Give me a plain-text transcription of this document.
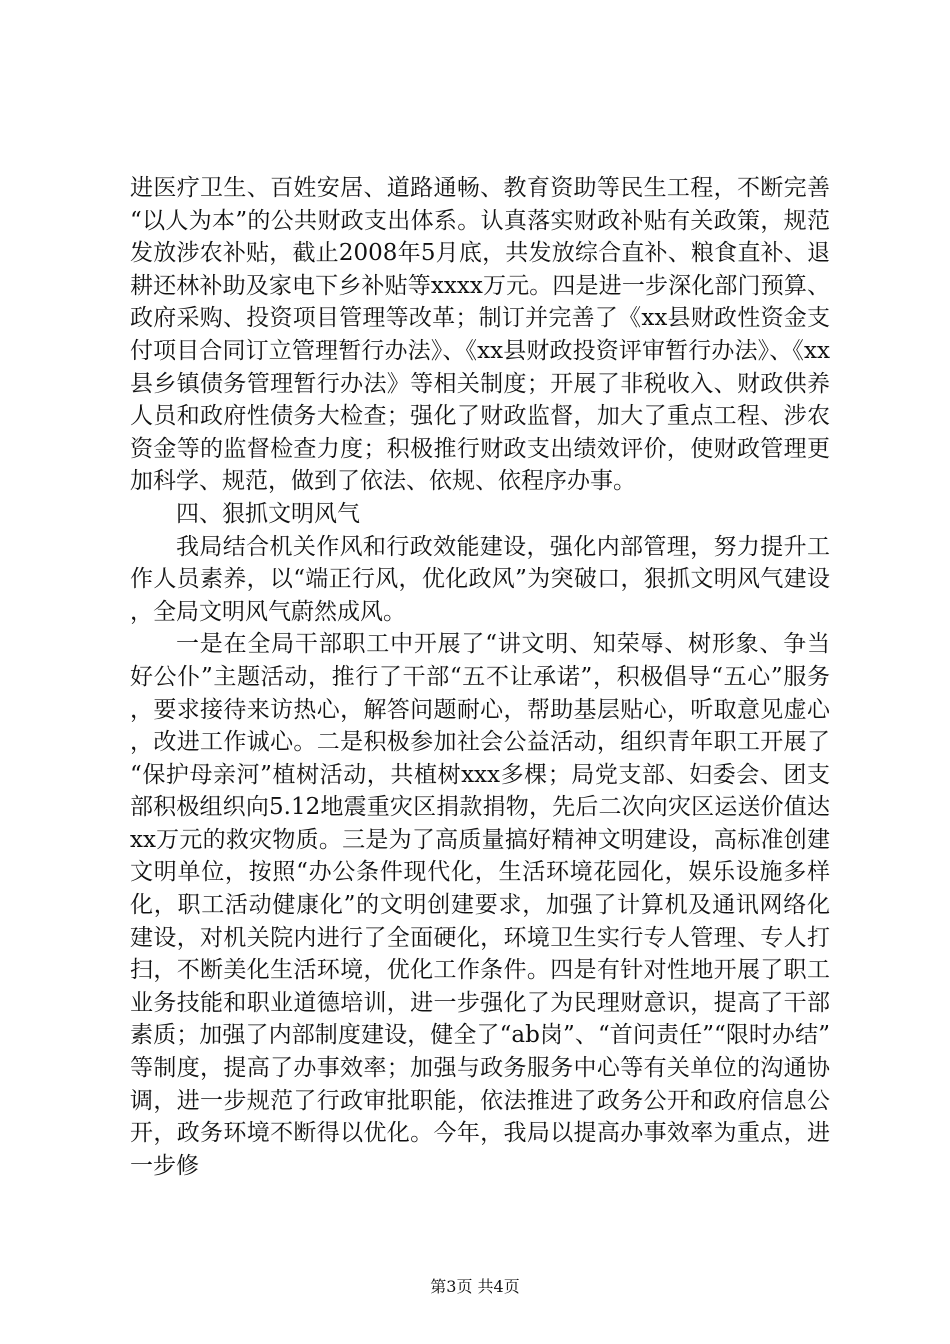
进医疗卫生、百姓安居、道路通畅、教育资助等民生工程，不断完善“以人为本”的公共财政支出体系。认真落实财政补贴有关政策，规范发放涉农补贴，截止2008年5月底，共发放综合直补、粮食直补、退耕还林补助及家电下乡补贴等xxxx万元。四是进一步深化部门预算、政府采购、投资项目管理等改革；制订并完善了《xx县财政性资金支付项目合同订立管理暂行办法》、《xx县财政投资评审暂行办法》、《xx县乡镇债务管理暂行办法》等相关制度；开展了非税收入、财政供养人员和政府性债务大检查；强化了财政监督，加大了重点工程、涉农资金等的监督检查力度；积极推行财政支出绩效评价，使财政管理更加科学、规范，做到了依法、依规、依程序办事。

四、狠抓文明风气

我局结合机关作风和行政效能建设，强化内部管理，努力提升工作人员素养，以“端正行风，优化政风”为突破口，狠抓文明风气建设，全局文明风气蔚然成风。

一是在全局干部职工中开展了“讲文明、知荣辱、树形象、争当好公仆”主题活动，推行了干部“五不让承诺”，积极倡导“五心”服务，要求接待来访热心，解答问题耐心，帮助基层贴心，听取意见虚心，改进工作诚心。二是积极参加社会公益活动，组织青年职工开展了“保护母亲河”植树活动，共植树xxx多棵；局党支部、妇委会、团支部积极组织向5.12地震重灾区捐款捐物，先后二次向灾区运送价值达xx万元的救灾物质。三是为了高质量搞好精神文明建设，高标准创建文明单位，按照“办公条件现代化，生活环境花园化，娱乐设施多样化，职工活动健康化”的文明创建要求，加强了计算机及通讯网络化建设，对机关院内进行了全面硬化，环境卫生实行专人管理、专人打扫，不断美化生活环境，优化工作条件。四是有针对性地开展了职工业务技能和职业道德培训，进一步强化了为民理财意识，提高了干部素质；加强了内部制度建设，健全了“ab岗”、“首问责任”“限时办结”等制度，提高了办事效率；加强与政务服务中心等有关单位的沟通协调，进一步规范了行政审批职能，依法推进了政务公开和政府信息公开，政务环境不断得以优化。今年，我局以提高办事效率为重点，进一步修

第3页 共4页
